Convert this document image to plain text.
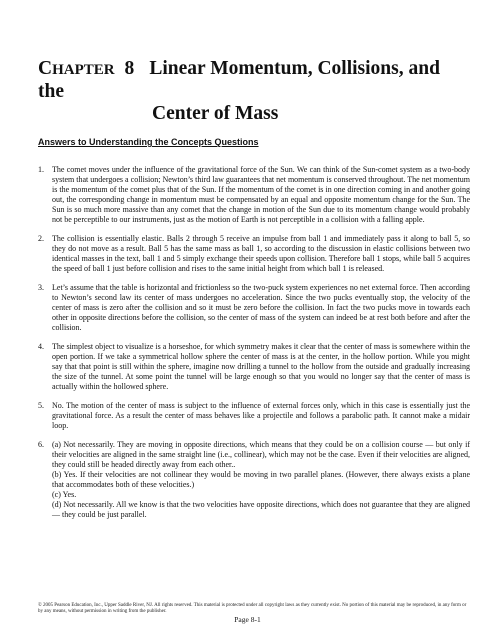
CHAPTER 8 Linear Momentum, Collisions, and the
Center of Mass
Answers to Understanding the Concepts Questions
1.	The comet moves under the influence of the gravitational force of the Sun. We can think of the Sun-comet system as a two-body system that undergoes a collision; Newton’s third law guarantees that net momentum is conserved throughout. The net momentum is the momentum of the comet plus that of the Sun. If the momentum of the comet is in one direction coming in and another going out, the corresponding change in momentum must be compensated by an equal and opposite momentum change for the Sun. The Sun is so much more massive than any comet that the change in motion of the Sun due to its momentum change would probably not be perceptible to our instruments, just as the motion of Earth is not perceptible in a collision with a falling apple.
2.	The collision is essentially elastic. Balls 2 through 5 receive an impulse from ball 1 and immediately pass it along to ball 5, so they do not move as a result. Ball 5 has the same mass as ball 1, so according to the discussion in elastic collisions between two identical masses in the text, ball 1 and 5 simply exchange their speeds upon collision. Therefore ball 1 stops, while ball 5 acquires the speed of ball 1 just before collision and rises to the same initial height from which ball 1 is released.
3.	Let’s assume that the table is horizontal and frictionless so the two-puck system experiences no net external force. Then according to Newton’s second law its center of mass undergoes no acceleration. Since the two pucks eventually stop, the velocity of the center of mass is zero after the collision and so it must be zero before the collision. In fact the two pucks move in towards each other in opposite directions before the collision, so the center of mass of the system can indeed be at rest both before and after the collision.
4.	The simplest object to visualize is a horseshoe, for which symmetry makes it clear that the center of mass is somewhere within the open portion. If we take a symmetrical hollow sphere the center of mass is at the center, in the hollow portion. While you might say that that point is still within the sphere, imagine now drilling a tunnel to the hollow from the outside and gradually increasing the size of the tunnel. At some point the tunnel will be large enough so that you would no longer say that the center of mass is actually within the hollowed sphere.
5.	No. The motion of the center of mass is subject to the influence of external forces only, which in this case is essentially just the gravitational force. As a result the center of mass behaves like a projectile and follows a parabolic path. It cannot make a midair loop.
6.	(a) Not necessarily. They are moving in opposite directions, which means that they could be on a collision course — but only if their velocities are aligned in the same straight line (i.e., collinear), which may not be the case. Even if their velocities are aligned, they could still be headed directly away from each other..
(b) Yes. If their velocities are not collinear they would be moving in two parallel planes. (However, there always exists a plane that accommodates both of these velocities.)
(c) Yes.
(d) Not necessarily. All we know is that the two velocities have opposite directions, which does not guarantee that they are aligned — they could be just parallel.
© 2005 Pearson Education, Inc., Upper Saddle River, NJ. All rights reserved. This material is protected under all copyright laws as they currently exist. No portion of this material may be reproduced, in any form or by any means, without permission in writing from the publisher.
Page 8-1
